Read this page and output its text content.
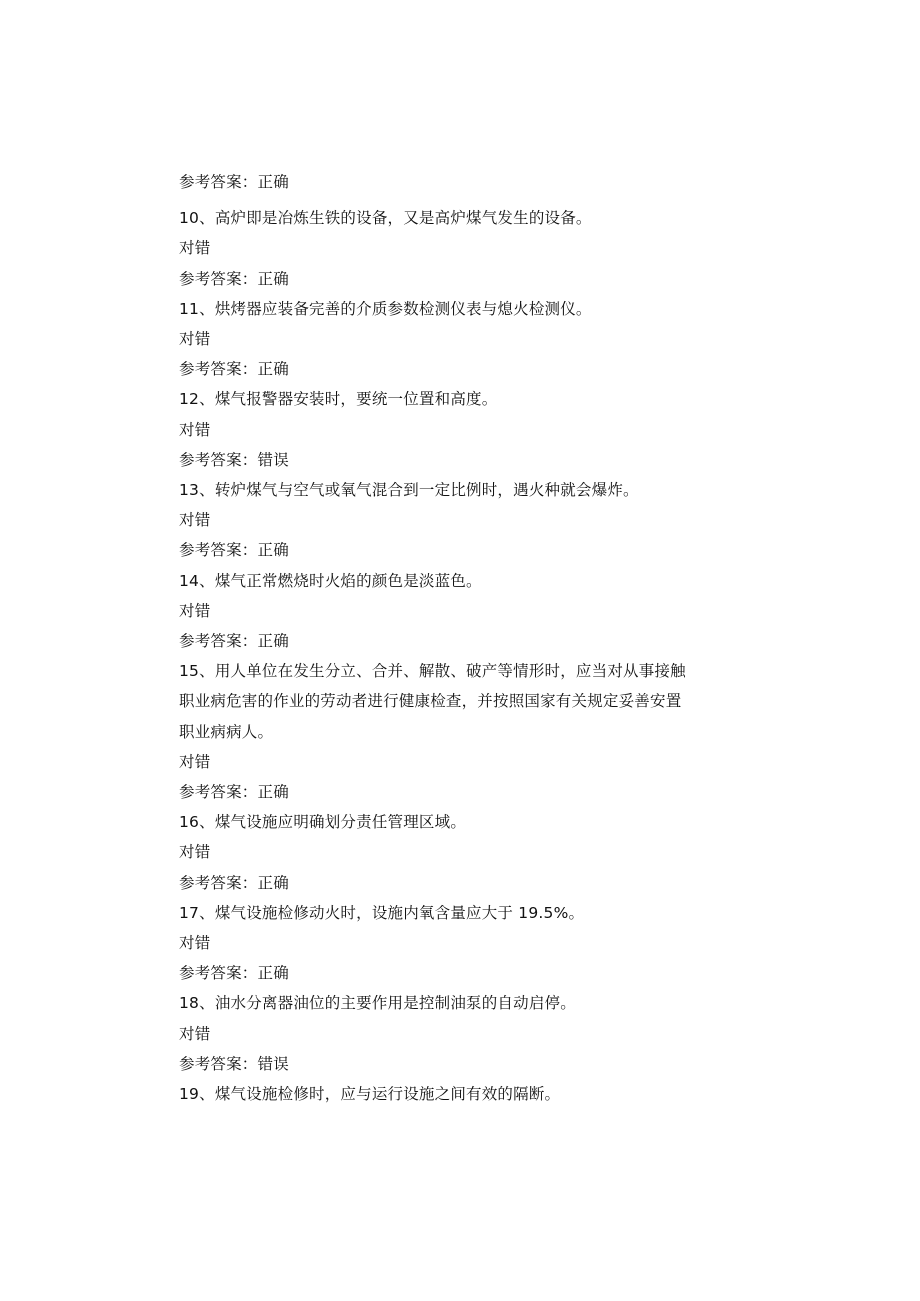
参考答案：正确
10、高炉即是冶炼生铁的设备，又是高炉煤气发生的设备。
对错
参考答案：正确
11、烘烤器应装备完善的介质参数检测仪表与熄火检测仪。
对错
参考答案：正确
12、煤气报警器安装时，要统一位置和高度。
对错
参考答案：错误
13、转炉煤气与空气或氧气混合到一定比例时，遇火种就会爆炸。
对错
参考答案：正确
14、煤气正常燃烧时火焰的颜色是淡蓝色。
对错
参考答案：正确
15、用人单位在发生分立、合并、解散、破产等情形时，应当对从事接触
职业病危害的作业的劳动者进行健康检查，并按照国家有关规定妥善安置
职业病病人。
对错
参考答案：正确
16、煤气设施应明确划分责任管理区域。
对错
参考答案：正确
17、煤气设施检修动火时，设施内氧含量应大于 19.5%。
对错
参考答案：正确
18、油水分离器油位的主要作用是控制油泵的自动启停。
对错
参考答案：错误
19、煤气设施检修时，应与运行设施之间有效的隔断。
